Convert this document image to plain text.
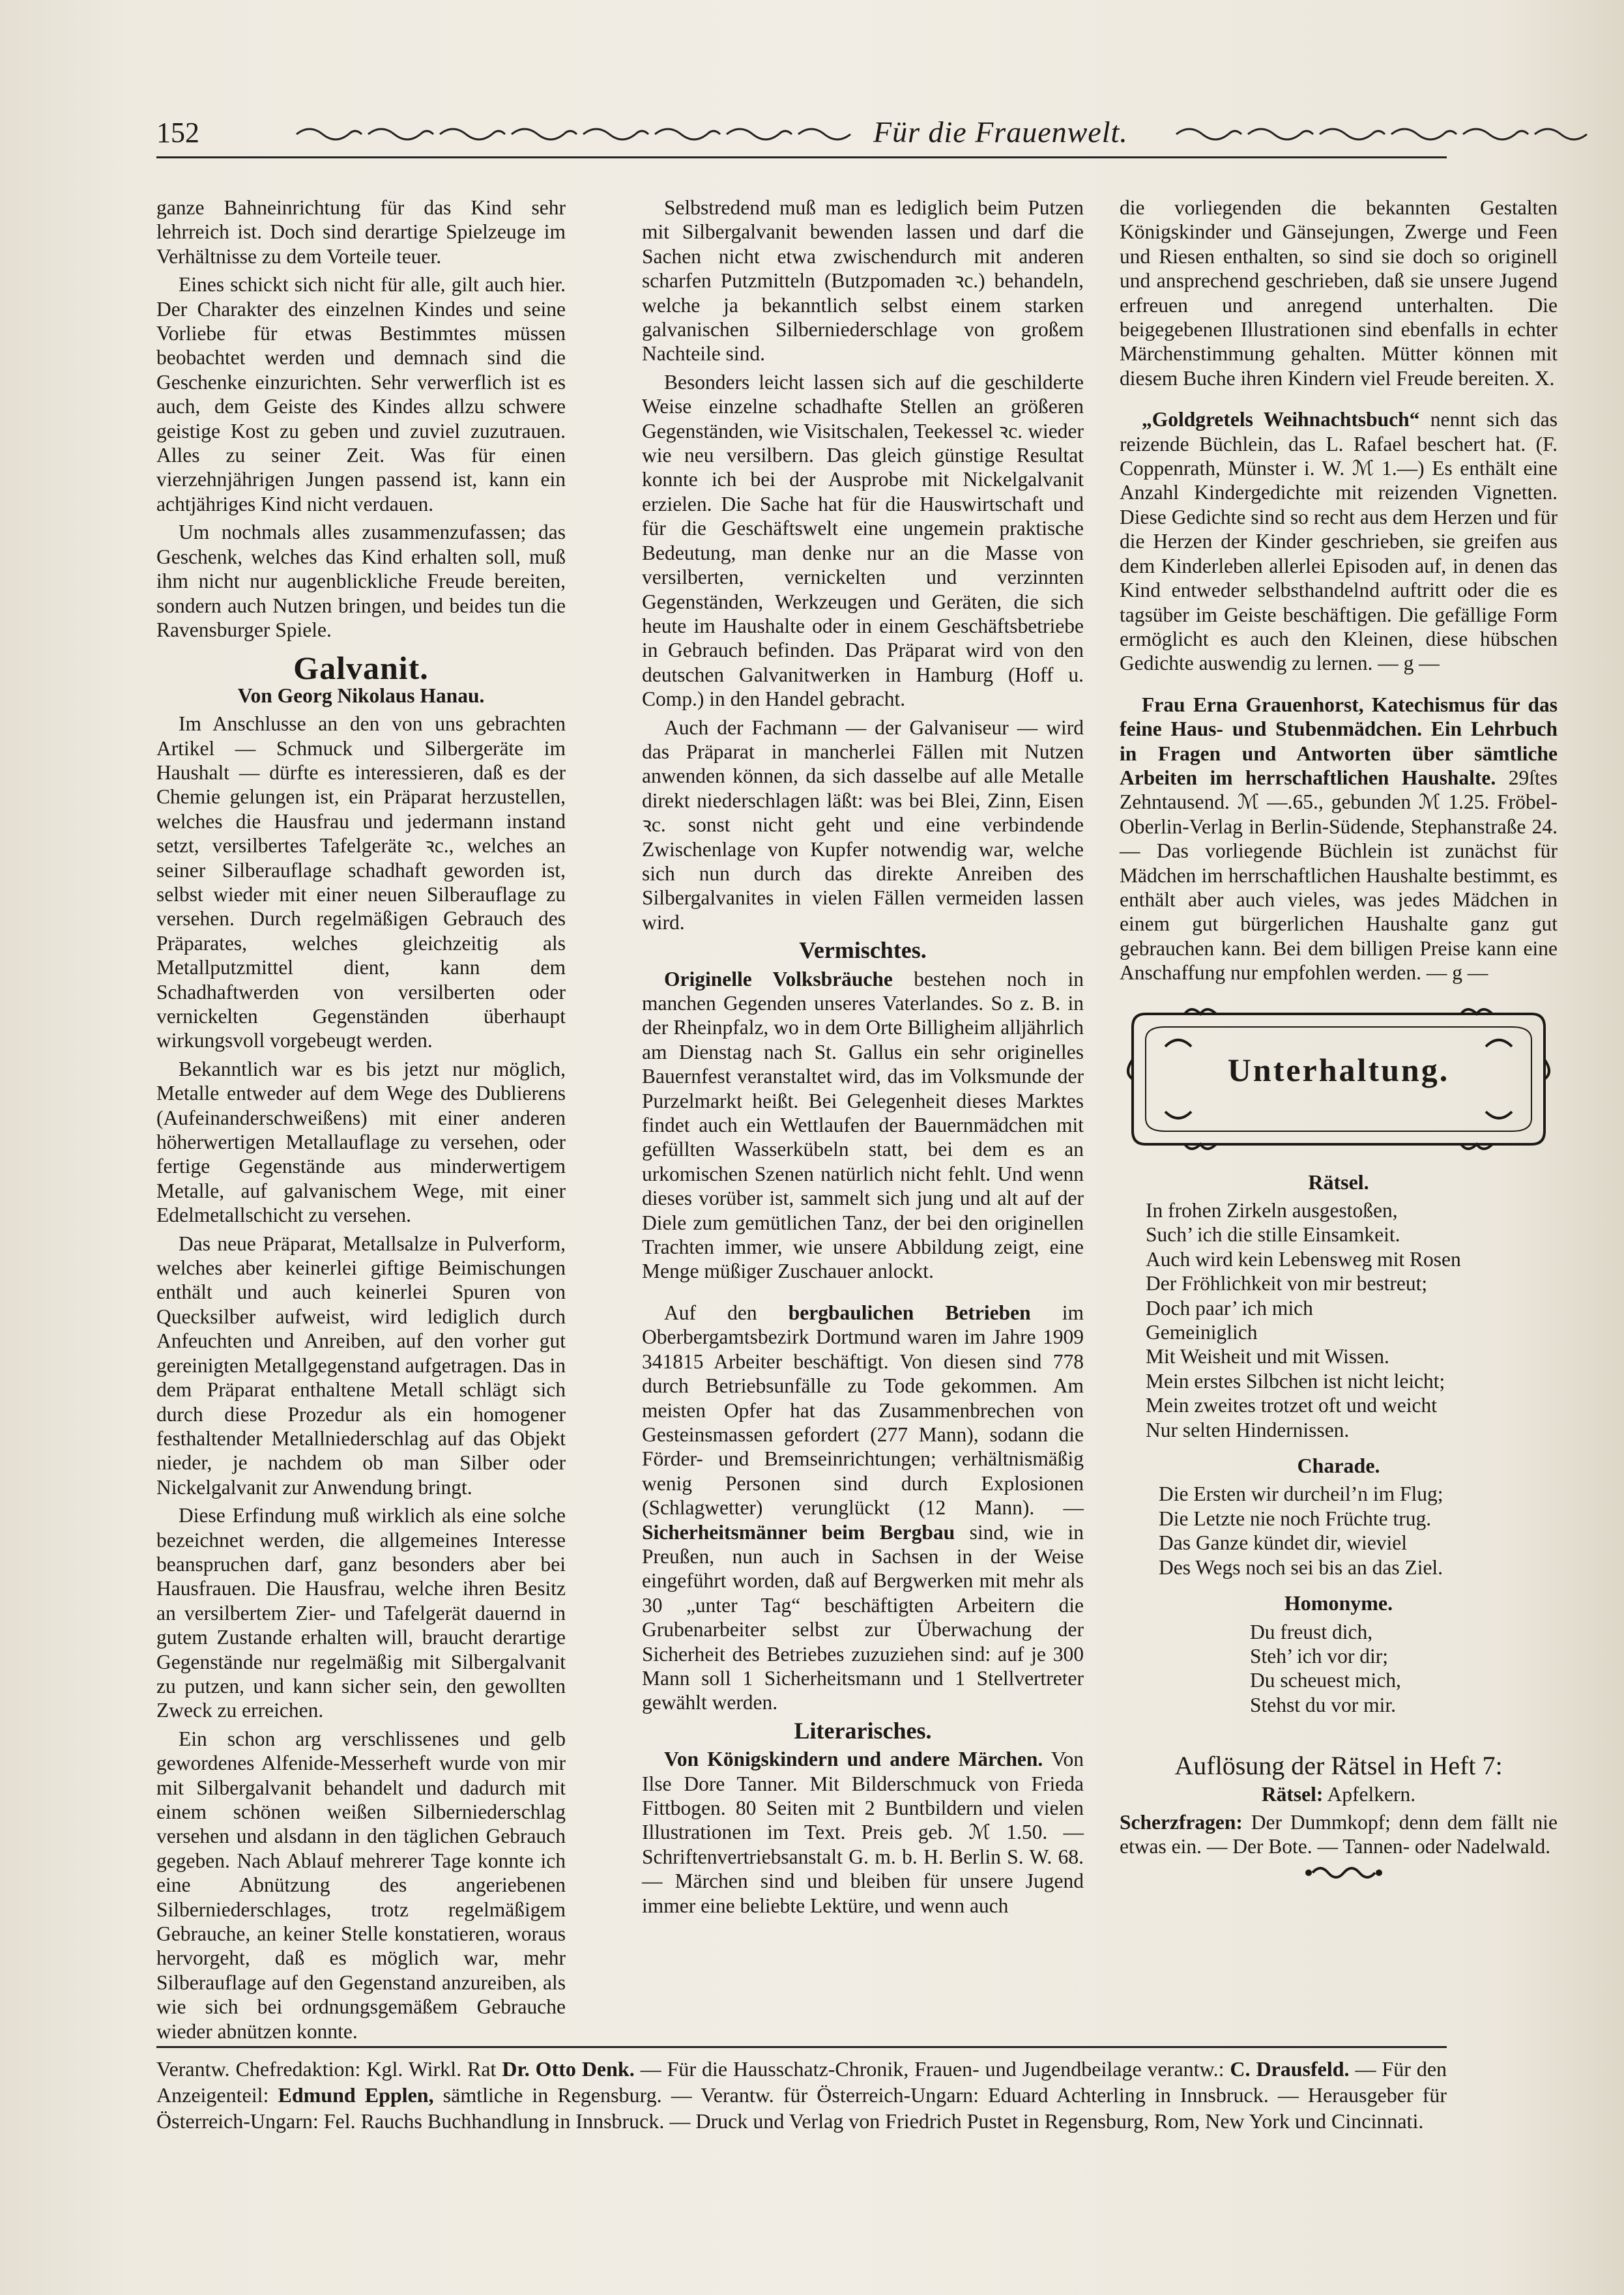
152	Für die Frauenwelt.

ganze Bahneinrichtung für das Kind sehr lehrreich ist. Doch sind derartige Spielzeuge im Verhältnisse zu dem Vorteile teuer.

Eines schickt sich nicht für alle, gilt auch hier. Der Charakter des einzelnen Kindes und seine Vorliebe für etwas Bestimmtes müssen beobachtet werden und demnach sind die Geschenke einzurichten. Sehr verwerflich ist es auch, dem Geiste des Kindes allzu schwere geistige Kost zu geben und zuviel zuzutrauen. Alles zu seiner Zeit. Was für einen vierzehnjährigen Jungen passend ist, kann ein achtjähriges Kind nicht verdauen.

Um nochmals alles zusammenzufassen; das Geschenk, welches das Kind erhalten soll, muß ihm nicht nur augenblickliche Freude bereiten, sondern auch Nutzen bringen, und beides tun die Ravensburger Spiele.

Galvanit.

Von Georg Nikolaus Hanau.

Im Anschlusse an den von uns gebrachten Artikel — Schmuck und Silbergeräte im Haushalt — dürfte es interessieren, daß es der Chemie gelungen ist, ein Präparat herzustellen, welches die Hausfrau und jedermann instand setzt, versilbertes Tafelgeräte ꝛc., welches an seiner Silberauflage schadhaft geworden ist, selbst wieder mit einer neuen Silberauflage zu versehen. Durch regelmäßigen Gebrauch des Präparates, welches gleichzeitig als Metallputzmittel dient, kann dem Schadhaftwerden von versilberten oder vernickelten Gegenständen überhaupt wirkungsvoll vorgebeugt werden.

Bekanntlich war es bis jetzt nur möglich, Metalle entweder auf dem Wege des Dublierens (Aufeinanderschweißens) mit einer anderen höherwertigen Metallauflage zu versehen, oder fertige Gegenstände aus minderwertigem Metalle, auf galvanischem Wege, mit einer Edelmetallschicht zu versehen.

Das neue Präparat, Metallsalze in Pulverform, welches aber keinerlei giftige Beimischungen enthält und auch keinerlei Spuren von Quecksilber aufweist, wird lediglich durch Anfeuchten und Anreiben, auf den vorher gut gereinigten Metallgegenstand aufgetragen. Das in dem Präparat enthaltene Metall schlägt sich durch diese Prozedur als ein homogener festhaltender Metallniederschlag auf das Objekt nieder, je nachdem ob man Silber oder Nickelgalvanit zur Anwendung bringt.

Diese Erfindung muß wirklich als eine solche bezeichnet werden, die allgemeines Interesse beanspruchen darf, ganz besonders aber bei Hausfrauen. Die Hausfrau, welche ihren Besitz an versilbertem Zier- und Tafelgerät dauernd in gutem Zustande erhalten will, braucht derartige Gegenstände nur regelmäßig mit Silbergalvanit zu putzen, und kann sicher sein, den gewollten Zweck zu erreichen.

Ein schon arg verschlissenes und gelb gewordenes Alfenide-Messerheft wurde von mir mit Silbergalvanit behandelt und dadurch mit einem schönen weißen Silberniederschlag versehen und alsdann in den täglichen Gebrauch gegeben. Nach Ablauf mehrerer Tage konnte ich eine Abnützung des angeriebenen Silberniederschlages, trotz regelmäßigem Gebrauche, an keiner Stelle konstatieren, woraus hervorgeht, daß es möglich war, mehr Silberauflage auf den Gegenstand anzureiben, als wie sich bei ordnungsgemäßem Gebrauche wieder abnützen konnte.

Selbstredend muß man es lediglich beim Putzen mit Silbergalvanit bewenden lassen und darf die Sachen nicht etwa zwischendurch mit anderen scharfen Putzmitteln (Butzpomaden ꝛc.) behandeln, welche ja bekanntlich selbst einem starken galvanischen Silberniederschlage von großem Nachteile sind.

Besonders leicht lassen sich auf die geschilderte Weise einzelne schadhafte Stellen an größeren Gegenständen, wie Visitschalen, Teekessel ꝛc. wieder wie neu versilbern. Das gleich günstige Resultat konnte ich bei der Ausprobe mit Nickelgalvanit erzielen. Die Sache hat für die Hauswirtschaft und für die Geschäftswelt eine ungemein praktische Bedeutung, man denke nur an die Masse von versilberten, vernickelten und verzinnten Gegenständen, Werkzeugen und Geräten, die sich heute im Haushalte oder in einem Geschäftsbetriebe in Gebrauch befinden. Das Präparat wird von den deutschen Galvanitwerken in Hamburg (Hoff u. Comp.) in den Handel gebracht.

Auch der Fachmann — der Galvaniseur — wird das Präparat in mancherlei Fällen mit Nutzen anwenden können, da sich dasselbe auf alle Metalle direkt niederschlagen läßt: was bei Blei, Zinn, Eisen ꝛc. sonst nicht geht und eine verbindende Zwischenlage von Kupfer notwendig war, welche sich nun durch das direkte Anreiben des Silbergalvanites in vielen Fällen vermeiden lassen wird.

Vermischtes.

Originelle Volksbräuche bestehen noch in manchen Gegenden unseres Vaterlandes. So z. B. in der Rheinpfalz, wo in dem Orte Billigheim alljährlich am Dienstag nach St. Gallus ein sehr originelles Bauernfest veranstaltet wird, das im Volksmunde der Purzelmarkt heißt. Bei Gelegenheit dieses Marktes findet auch ein Wettlaufen der Bauernmädchen mit gefüllten Wasserkübeln statt, bei dem es an urkomischen Szenen natürlich nicht fehlt. Und wenn dieses vorüber ist, sammelt sich jung und alt auf der Diele zum gemütlichen Tanz, der bei den originellen Trachten immer, wie unsere Abbildung zeigt, eine Menge müßiger Zuschauer anlockt.

Auf den bergbaulichen Betrieben im Oberbergamtsbezirk Dortmund waren im Jahre 1909 341815 Arbeiter beschäftigt. Von diesen sind 778 durch Betriebsunfälle zu Tode gekommen. Am meisten Opfer hat das Zusammenbrechen von Gesteinsmassen gefordert (277 Mann), sodann die Förder- und Bremseinrichtungen; verhältnismäßig wenig Personen sind durch Explosionen (Schlagwetter) verunglückt (12 Mann). — Sicherheitsmänner beim Bergbau sind, wie in Preußen, nun auch in Sachsen in der Weise eingeführt worden, daß auf Bergwerken mit mehr als 30 „unter Tag“ beschäftigten Arbeitern die Grubenarbeiter selbst zur Überwachung der Sicherheit des Betriebes zuzuziehen sind: auf je 300 Mann soll 1 Sicherheitsmann und 1 Stellvertreter gewählt werden.

Literarisches.

Von Königskindern und andere Märchen. Von Ilse Dore Tanner. Mit Bilderschmuck von Frieda Fittbogen. 80 Seiten mit 2 Buntbildern und vielen Illustrationen im Text. Preis geb. ℳ 1.50. — Schriftenvertriebsanstalt G. m. b. H. Berlin S. W. 68. — Märchen sind und bleiben für unsere Jugend immer eine beliebte Lektüre, und wenn auch

die vorliegenden die bekannten Gestalten Königskinder und Gänsejungen, Zwerge und Feen und Riesen enthalten, so sind sie doch so originell und ansprechend geschrieben, daß sie unsere Jugend erfreuen und anregend unterhalten. Die beigegebenen Illustrationen sind ebenfalls in echter Märchenstimmung gehalten. Mütter können mit diesem Buche ihren Kindern viel Freude bereiten. X.

„Goldgretels Weihnachtsbuch“ nennt sich das reizende Büchlein, das L. Rafael beschert hat. (F. Coppenrath, Münster i. W. ℳ 1.—) Es enthält eine Anzahl Kindergedichte mit reizenden Vignetten. Diese Gedichte sind so recht aus dem Herzen und für die Herzen der Kinder geschrieben, sie greifen aus dem Kinderleben allerlei Episoden auf, in denen das Kind entweder selbsthandelnd auftritt oder die es tagsüber im Geiste beschäftigen. Die gefällige Form ermöglicht es auch den Kleinen, diese hübschen Gedichte auswendig zu lernen. — g —

Frau Erna Grauenhorst, Katechismus für das feine Haus- und Stubenmädchen. Ein Lehrbuch in Fragen und Antworten über sämtliche Arbeiten im herrschaftlichen Haushalte. 29ſtes Zehntausend. ℳ —.65., gebunden ℳ 1.25. Fröbel-Oberlin-Verlag in Berlin-Südende, Stephanstraße 24. — Das vorliegende Büchlein ist zunächst für Mädchen im herrschaftlichen Haushalte bestimmt, es enthält aber auch vieles, was jedes Mädchen in einem gut bürgerlichen Haushalte ganz gut gebrauchen kann. Bei dem billigen Preise kann eine Anschaffung nur empfohlen werden. — g —

Unterhaltung.
Rätsel.

In frohen Zirkeln ausgestoßen,

Such’ ich die stille Einsamkeit.

Auch wird kein Lebensweg mit Rosen

Der Fröhlichkeit von mir bestreut;

Doch paar’ ich mich

Gemeiniglich

Mit Weisheit und mit Wissen.

Mein erstes Silbchen ist nicht leicht;

Mein zweites trotzet oft und weicht

Nur selten Hindernissen.

Charade.

Die Ersten wir durcheil’n im Flug;

Die Letzte nie noch Früchte trug.

Das Ganze kündet dir, wieviel

Des Wegs noch sei bis an das Ziel.

Homonyme.

Du freust dich,

Steh’ ich vor dir;

Du scheuest mich,

Stehst du vor mir.

Auflösung der Rätsel in Heft 7:

Rätsel: Apfelkern.

Scherzfragen: Der Dummkopf; denn dem fällt nie etwas ein. — Der Bote. — Tannen- oder Nadelwald.

Verantw. Chefredaktion: Kgl. Wirkl. Rat Dr. Otto Denk. — Für die Hausschatz-Chronik, Frauen- und Jugendbeilage verantw.: C. Drausfeld. — Für den Anzeigenteil: Edmund Epplen, sämtliche in Regensburg. — Verantw. für Österreich-Ungarn: Eduard Achterling in Innsbruck. — Herausgeber für Österreich-Ungarn: Fel. Rauchs Buchhandlung in Innsbruck. — Druck und Verlag von Friedrich Pustet in Regensburg, Rom, New York und Cincinnati.
